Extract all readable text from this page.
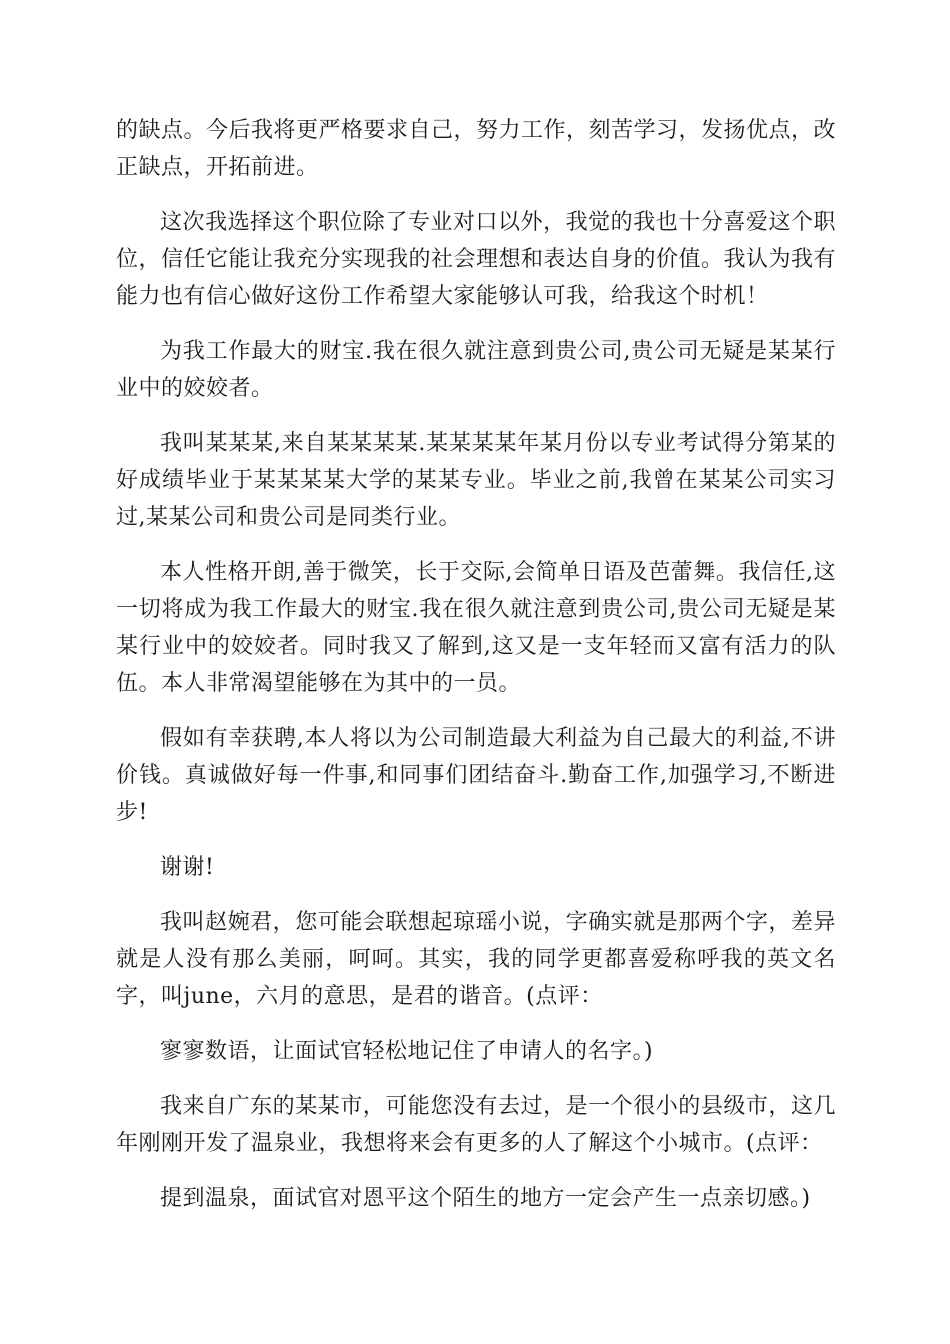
的缺点。今后我将更严格要求自己，努力工作，刻苦学习，发扬优点，改正缺点，开拓前进。

这次我选择这个职位除了专业对口以外，我觉的我也十分喜爱这个职位，信任它能让我充分实现我的社会理想和表达自身的价值。我认为我有能力也有信心做好这份工作希望大家能够认可我，给我这个时机！

为我工作最大的财宝.我在很久就注意到贵公司,贵公司无疑是某某行业中的姣姣者。

我叫某某某,来自某某某某.某某某某年某月份以专业考试得分第某的好成绩毕业于某某某某大学的某某专业。毕业之前,我曾在某某公司实习过,某某公司和贵公司是同类行业。

本人性格开朗,善于微笑，长于交际,会简单日语及芭蕾舞。我信任,这一切将成为我工作最大的财宝.我在很久就注意到贵公司,贵公司无疑是某某行业中的姣姣者。同时我又了解到,这又是一支年轻而又富有活力的队伍。本人非常渴望能够在为其中的一员。

假如有幸获聘,本人将以为公司制造最大利益为自己最大的利益,不讲价钱。真诚做好每一件事,和同事们团结奋斗.勤奋工作,加强学习,不断进步!

谢谢!

我叫赵婉君，您可能会联想起琼瑶小说，字确实就是那两个字，差异就是人没有那么美丽，呵呵。其实，我的同学更都喜爱称呼我的英文名字，叫june，六月的意思，是君的谐音。(点评：

寥寥数语，让面试官轻松地记住了申请人的名字。)

我来自广东的某某市，可能您没有去过，是一个很小的县级市，这几年刚刚开发了温泉业，我想将来会有更多的人了解这个小城市。(点评：

提到温泉，面试官对恩平这个陌生的地方一定会产生一点亲切感。)
